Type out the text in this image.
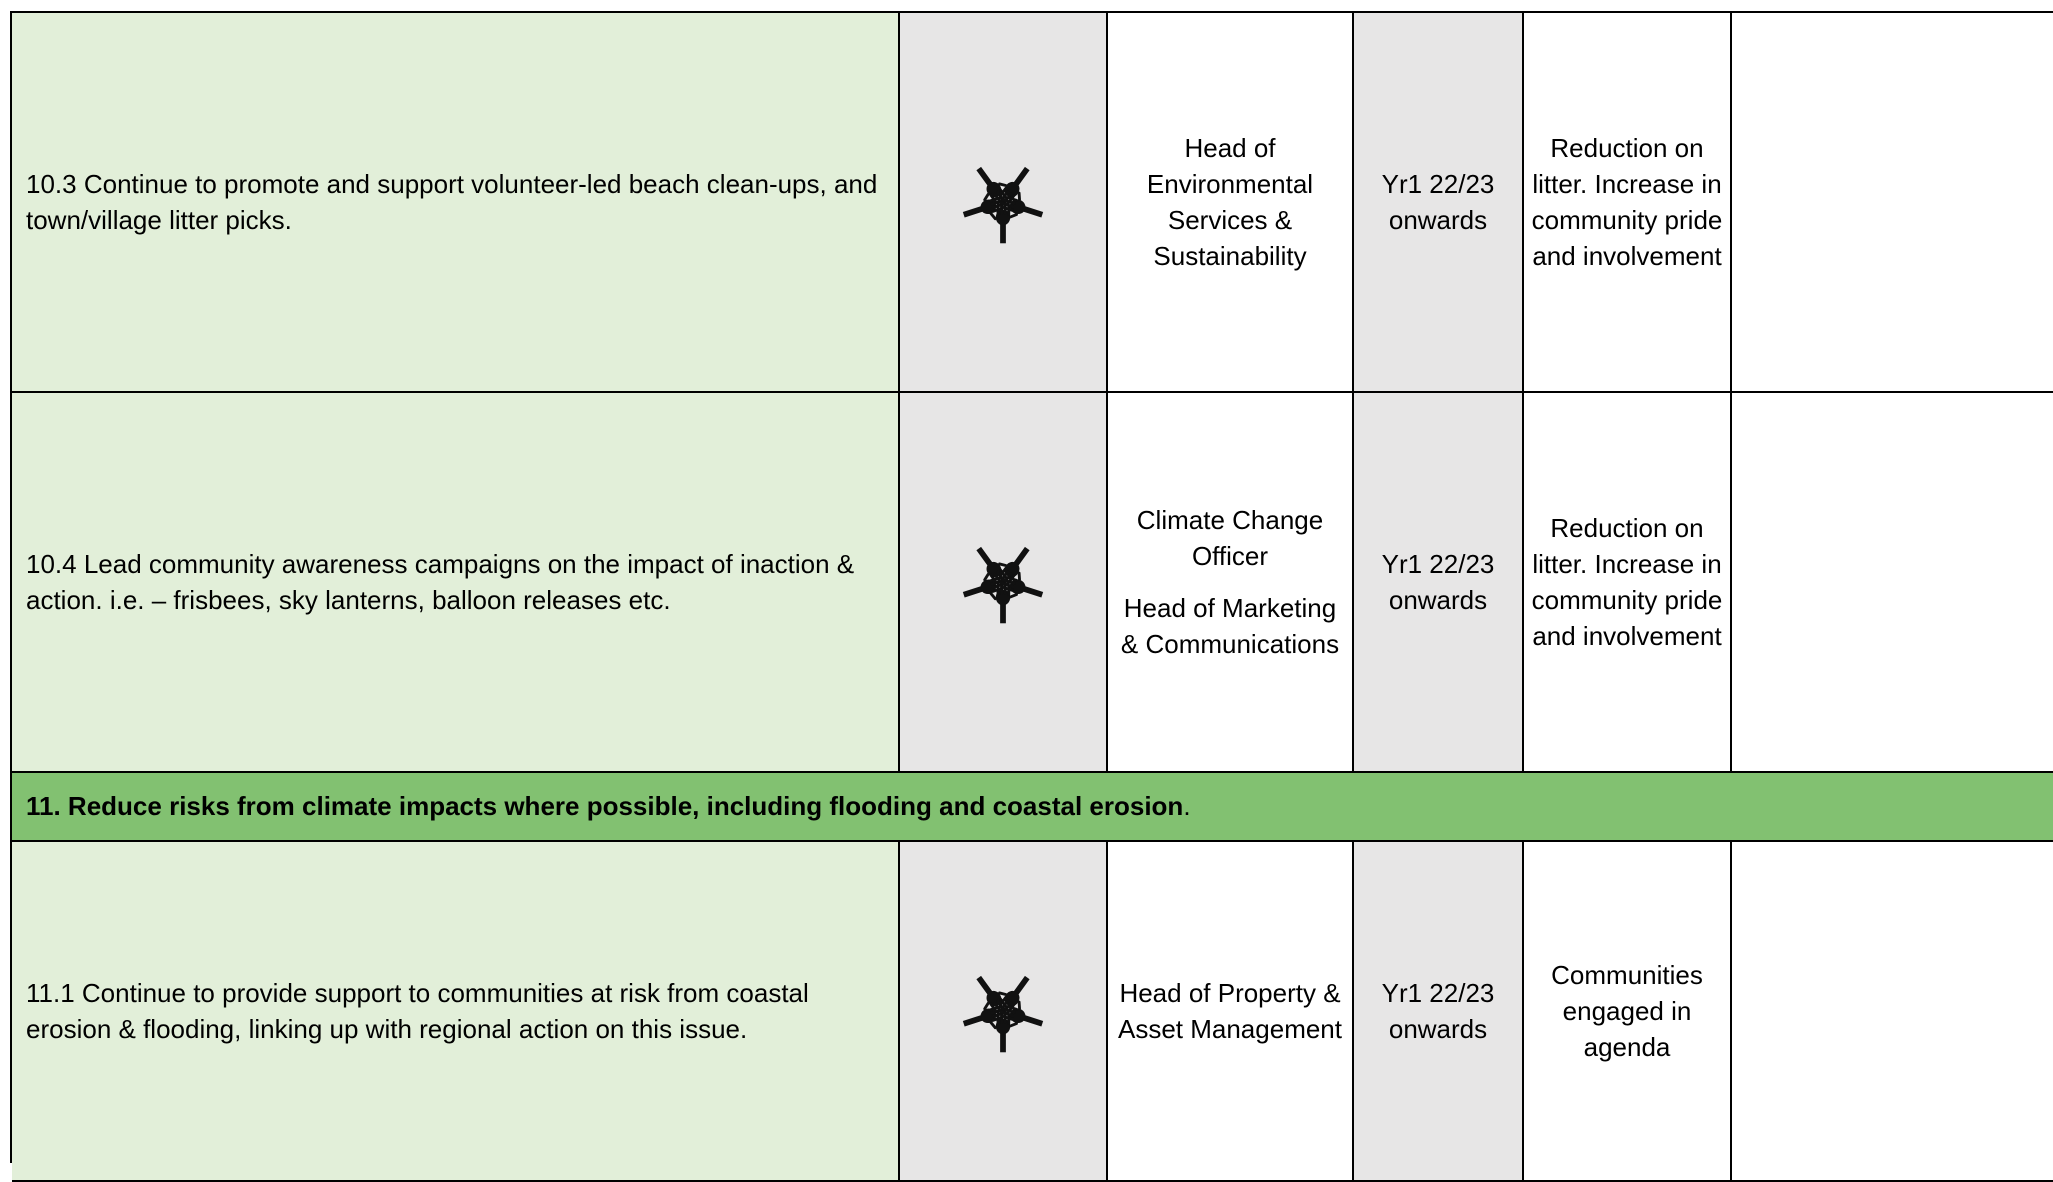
10.3 Continue to promote and support volunteer-led beach clean-ups, and town/village litter picks.
Head of Environmental Services & Sustainability
Yr1 22/23 onwards
Reduction on litter. Increase in community pride and involvement
10.4 Lead community awareness campaigns on the impact of inaction & action. i.e. – frisbees, sky lanterns, balloon releases etc.
Climate Change Officer
Head of Marketing & Communications
Yr1 22/23 onwards
Reduction on litter. Increase in community pride and involvement
11. Reduce risks from climate impacts where possible, including flooding and coastal erosion .
11.1 Continue to provide support to communities at risk from coastal erosion & flooding, linking up with regional action on this issue.
Head of Property & Asset Management
Yr1 22/23 onwards
Communities engaged in agenda
